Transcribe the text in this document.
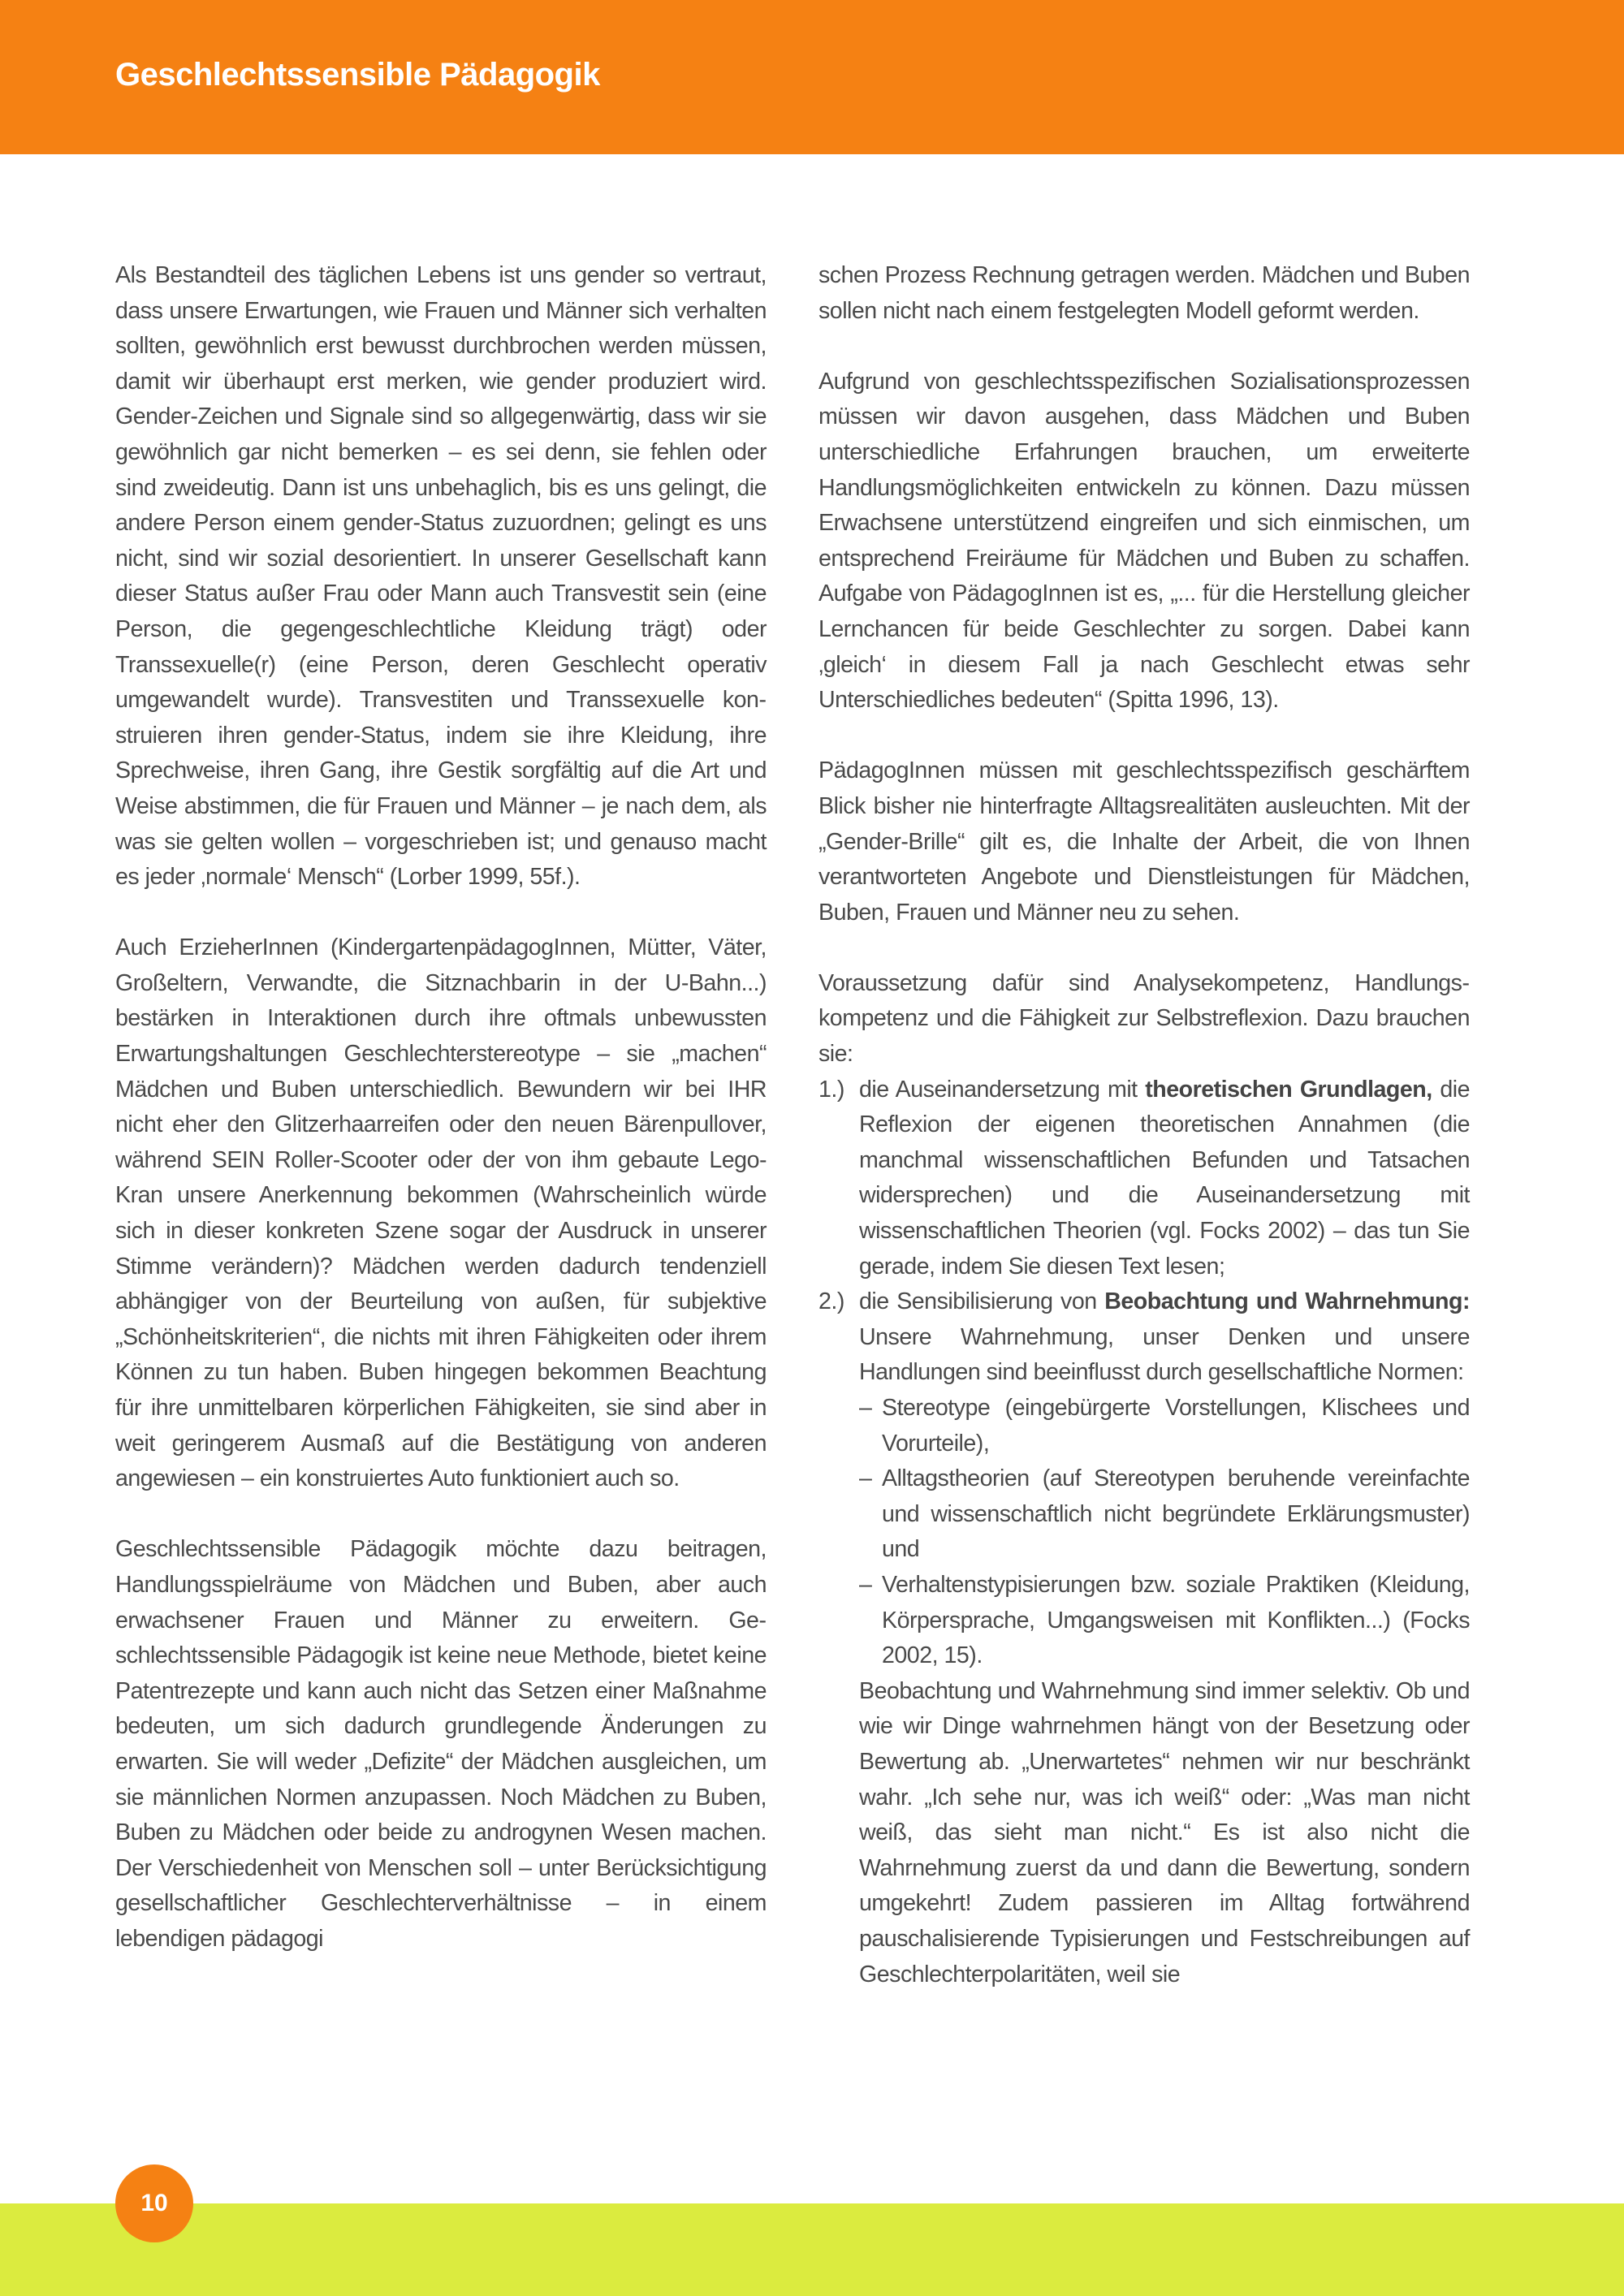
Geschlechtssensible Pädagogik

Als Bestandteil des täglichen Lebens ist uns gender so vertraut, dass unsere Erwartungen, wie Frauen und Männer sich verhalten sollten, gewöhnlich erst bewusst durchbrochen werden müssen, damit wir überhaupt erst merken, wie gender produziert wird. Gender-Zeichen und Signale sind so allgegenwärtig, dass wir sie gewöhnlich gar nicht bemerken – es sei denn, sie fehlen oder sind zweideutig. Dann ist uns unbehaglich, bis es uns gelingt, die andere Person einem gender-Status zuzuordnen; gelingt es uns nicht, sind wir sozial desorientiert. In unserer Gesellschaft kann dieser Status außer Frau oder Mann auch Transvestit sein (eine Person, die gegengeschlechtliche Kleidung trägt) oder Transsexuelle(r) (eine Person, deren Geschlecht operativ umgewandelt wurde). Transvestiten und Transsexuelle konstruieren ihren gender-Status, indem sie ihre Kleidung, ihre Sprechweise, ihren Gang, ihre Gestik sorgfältig auf die Art und Weise abstimmen, die für Frauen und Männer – je nach dem, als was sie gelten wollen – vorgeschrieben ist; und genauso macht es jeder ‚normale‘ Mensch“ (Lorber 1999, 55f.).

Auch ErzieherInnen (KindergartenpädagogInnen, Mütter, Väter, Großeltern, Verwandte, die Sitznachbarin in der U-Bahn...) bestärken in Interaktionen durch ihre oftmals unbewussten Erwartungshaltungen Geschlechterstereotype – sie „machen“ Mädchen und Buben unterschiedlich. Bewundern wir bei IHR nicht eher den Glitzerhaarreifen oder den neuen Bärenpullover, während SEIN Roller-Scooter oder der von ihm gebaute Lego-Kran unsere Anerkennung bekommen (Wahrscheinlich würde sich in dieser konkreten Szene sogar der Ausdruck in unserer Stimme verändern)? Mädchen werden dadurch tendenziell abhängiger von der Beurteilung von außen, für subjektive „Schönheitskriterien“, die nichts mit ihren Fähigkeiten oder ihrem Können zu tun haben. Buben hingegen bekommen Beachtung für ihre unmittelbaren körperlichen Fähigkeiten, sie sind aber in weit geringerem Ausmaß auf die Bestätigung von anderen angewiesen – ein konstruiertes Auto funktioniert auch so.

Geschlechtssensible Pädagogik möchte dazu beitragen, Handlungsspielräume von Mädchen und Buben, aber auch erwachsener Frauen und Männer zu erweitern. Geschlechtssensible Pädagogik ist keine neue Methode, bietet keine Patentrezepte und kann auch nicht das Setzen einer Maßnahme bedeuten, um sich dadurch grundlegende Änderungen zu erwarten. Sie will weder „Defizite“ der Mädchen ausgleichen, um sie männlichen Normen anzupassen. Noch Mädchen zu Buben, Buben zu Mädchen oder beide zu androgynen Wesen machen. Der Verschiedenheit von Menschen soll – unter Berücksichtigung gesellschaftlicher Geschlechterverhältnisse – in einem lebendigen pädagogi

schen Prozess Rechnung getragen werden. Mädchen und Buben sollen nicht nach einem festgelegten Modell geformt werden.

Aufgrund von geschlechtsspezifischen Sozialisationsprozessen müssen wir davon ausgehen, dass Mädchen und Buben unterschiedliche Erfahrungen brauchen, um erweiterte Handlungsmöglichkeiten entwickeln zu können. Dazu müssen Erwachsene unterstützend eingreifen und sich einmischen, um entsprechend Freiräume für Mädchen und Buben zu schaffen. Aufgabe von PädagogInnen ist es, „... für die Herstellung gleicher Lernchancen für beide Geschlechter zu sorgen. Dabei kann ‚gleich‘ in diesem Fall ja nach Geschlecht etwas sehr Unterschiedliches bedeuten“ (Spitta 1996, 13).

PädagogInnen müssen mit geschlechtsspezifisch geschärftem Blick bisher nie hinterfragte Alltagsrealitäten ausleuchten. Mit der „Gender-Brille“ gilt es, die Inhalte der Arbeit, die von Ihnen verantworteten Angebote und Dienstleistungen für Mädchen, Buben, Frauen und Männer neu zu sehen.

Voraussetzung dafür sind Analysekompetenz, Handlungskompetenz und die Fähigkeit zur Selbstreflexion. Dazu brauchen sie:

1.) die Auseinandersetzung mit theoretischen Grundlagen, die Reflexion der eigenen theoretischen Annahmen (die manchmal wissenschaftlichen Befunden und Tatsachen widersprechen) und die Auseinandersetzung mit wissenschaftlichen Theorien (vgl. Focks 2002) – das tun Sie gerade, indem Sie diesen Text lesen;
2.) die Sensibilisierung von Beobachtung und Wahrnehmung: Unsere Wahrnehmung, unser Denken und unsere Handlungen sind beeinflusst durch gesellschaftliche Normen:
– Stereotype (eingebürgerte Vorstellungen, Klischees und Vorurteile),
– Alltagstheorien (auf Stereotypen beruhende vereinfachte und wissenschaftlich nicht begründete Erklärungsmuster) und
– Verhaltenstypisierungen bzw. soziale Praktiken (Kleidung, Körpersprache, Umgangsweisen mit Konflikten...) (Focks 2002, 15).

Beobachtung und Wahrnehmung sind immer selektiv. Ob und wie wir Dinge wahrnehmen hängt von der Besetzung oder Bewertung ab. „Unerwartetes“ nehmen wir nur beschränkt wahr. „Ich sehe nur, was ich weiß“ oder: „Was man nicht weiß, das sieht man nicht.“ Es ist also nicht die Wahrnehmung zuerst da und dann die Bewertung, sondern umgekehrt! Zudem passieren im Alltag fortwährend pauschalisierende Typisierungen und Festschreibungen auf Geschlechterpolaritäten, weil sie

10
